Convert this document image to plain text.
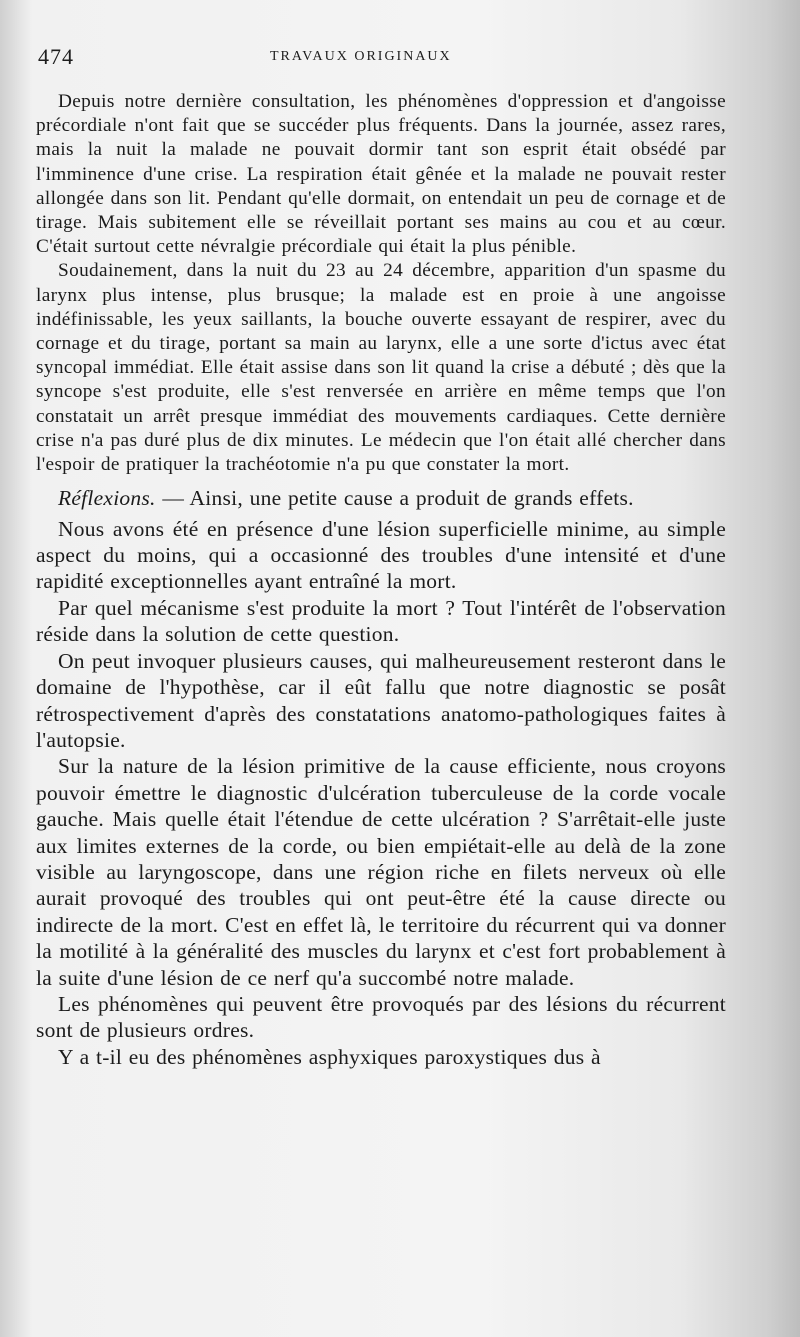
474	TRAVAUX ORIGINAUX

Depuis notre dernière consultation, les phénomènes d'oppression et d'angoisse précordiale n'ont fait que se succéder plus fréquents. Dans la journée, assez rares, mais la nuit la malade ne pouvait dormir tant son esprit était obsédé par l'imminence d'une crise. La respiration était gênée et la malade ne pouvait rester allongée dans son lit. Pendant qu'elle dormait, on entendait un peu de cornage et de tirage. Mais subitement elle se réveillait portant ses mains au cou et au cœur. C'était surtout cette névralgie précordiale qui était la plus pénible.

Soudainement, dans la nuit du 23 au 24 décembre, apparition d'un spasme du larynx plus intense, plus brusque; la malade est en proie à une angoisse indéfinissable, les yeux saillants, la bouche ouverte essayant de respirer, avec du cornage et du tirage, portant sa main au larynx, elle a une sorte d'ictus avec état syncopal immédiat. Elle était assise dans son lit quand la crise a débuté ; dès que la syncope s'est produite, elle s'est renversée en arrière en même temps que l'on constatait un arrêt presque immédiat des mouvements cardiaques. Cette dernière crise n'a pas duré plus de dix minutes. Le médecin que l'on était allé chercher dans l'espoir de pratiquer la trachéotomie n'a pu que constater la mort.

Réflexions. — Ainsi, une petite cause a produit de grands effets.

Nous avons été en présence d'une lésion superficielle minime, au simple aspect du moins, qui a occasionné des troubles d'une intensité et d'une rapidité exceptionnelles ayant entraîné la mort.

Par quel mécanisme s'est produite la mort ? Tout l'intérêt de l'observation réside dans la solution de cette question.

On peut invoquer plusieurs causes, qui malheureusement resteront dans le domaine de l'hypothèse, car il eût fallu que notre diagnostic se posât rétrospectivement d'après des constatations anatomo-pathologiques faites à l'autopsie.

Sur la nature de la lésion primitive de la cause efficiente, nous croyons pouvoir émettre le diagnostic d'ulcération tuberculeuse de la corde vocale gauche. Mais quelle était l'étendue de cette ulcération ? S'arrêtait-elle juste aux limites externes de la corde, ou bien empiétait-elle au delà de la zone visible au laryngoscope, dans une région riche en filets nerveux où elle aurait provoqué des troubles qui ont peut-être été la cause directe ou indirecte de la mort. C'est en effet là, le territoire du récurrent qui va donner la motilité à la généralité des muscles du larynx et c'est fort probablement à la suite d'une lésion de ce nerf qu'a succombé notre malade.

Les phénomènes qui peuvent être provoqués par des lésions du récurrent sont de plusieurs ordres.

Y a t-il eu des phénomènes asphyxiques paroxystiques dus à
